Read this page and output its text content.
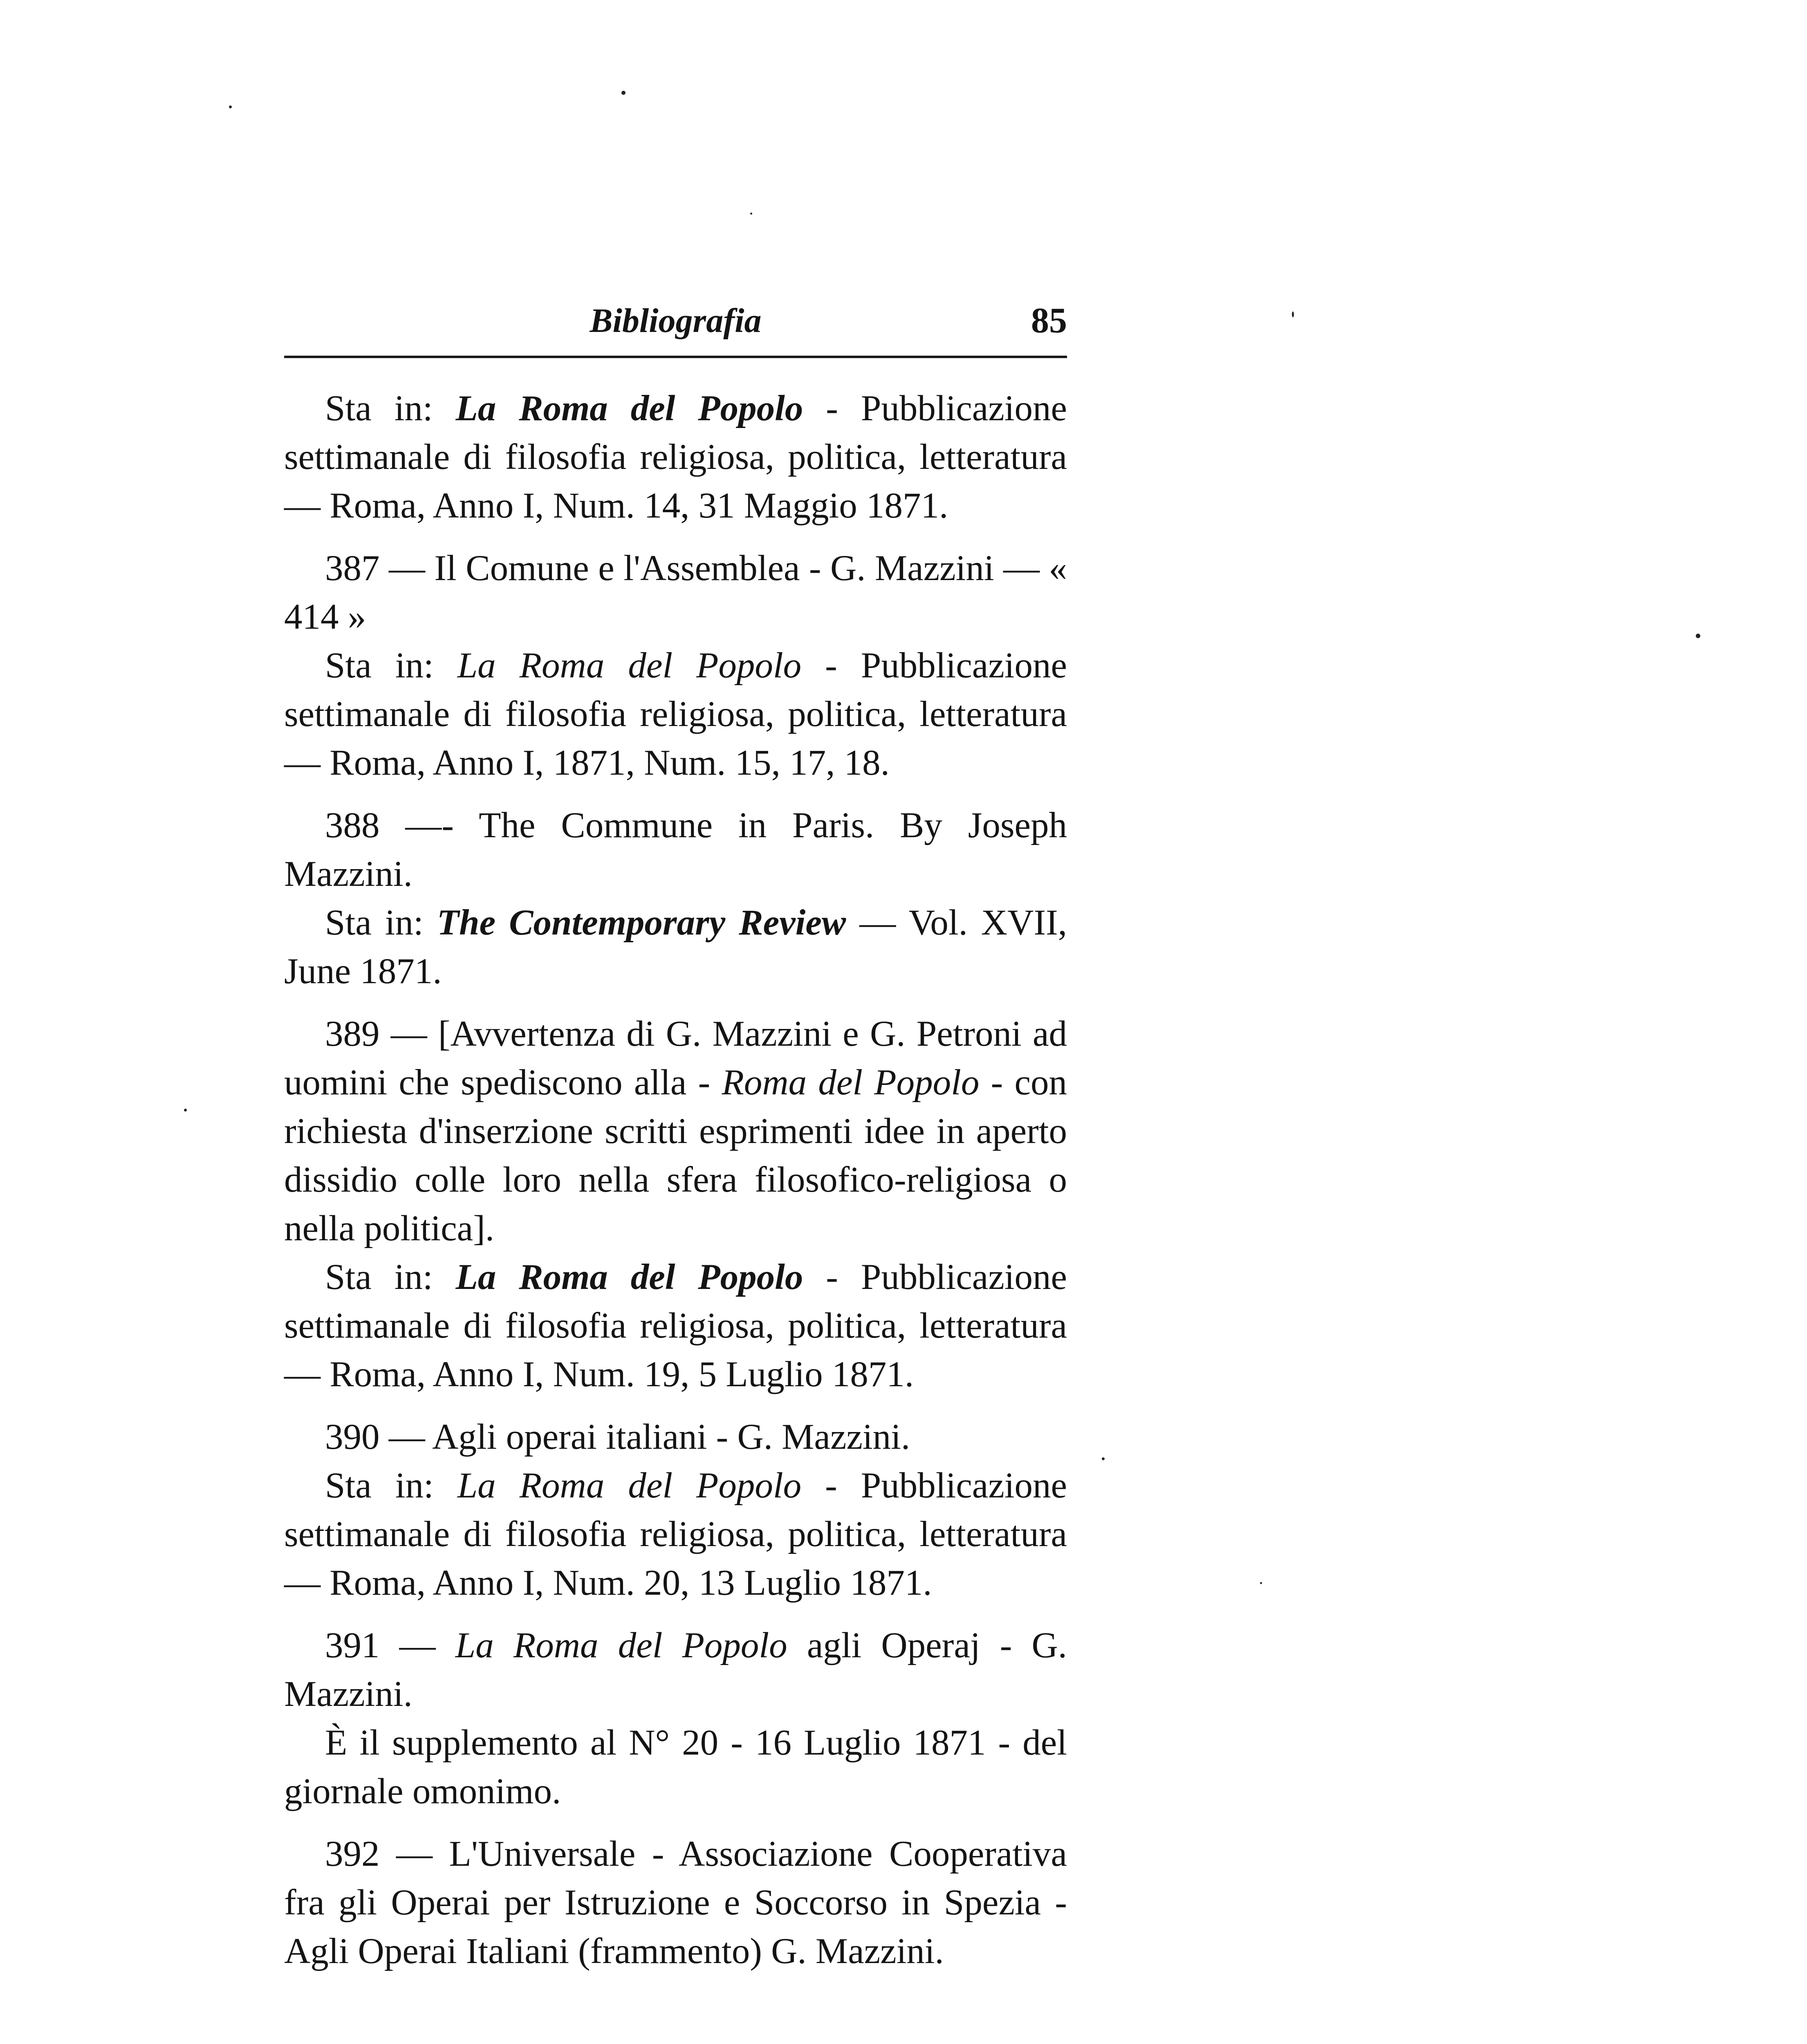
Bibliografia	85

Sta in: La Roma del Popolo - Pubblicazione settimanale di filosofia religiosa, politica, letteratura — Roma, Anno I, Num. 14, 31 Maggio 1871.

387 — Il Comune e l'Assemblea - G. Mazzini — « 414 »

Sta in: La Roma del Popolo - Pubblicazione settimanale di filosofia religiosa, politica, letteratura — Roma, Anno I, 1871, Num. 15, 17, 18.

388 —- The Commune in Paris. By Joseph Mazzini.

Sta in: The Contemporary Review — Vol. XVII, June 1871.

389 — [Avvertenza di G. Mazzini e G. Petroni ad uomini che spediscono alla - Roma del Popolo - con richiesta d'inserzione scritti esprimenti idee in aperto dissidio colle loro nella sfera filosofico-religiosa o nella politica].

Sta in: La Roma del Popolo - Pubblicazione settimanale di filosofia religiosa, politica, letteratura — Roma, Anno I, Num. 19, 5 Luglio 1871.

390 — Agli operai italiani - G. Mazzini.

Sta in: La Roma del Popolo - Pubblicazione settimanale di filosofia religiosa, politica, letteratura — Roma, Anno I, Num. 20, 13 Luglio 1871.

391 — La Roma del Popolo agli Operaj - G. Mazzini.

È il supplemento al N° 20 - 16 Luglio 1871 - del giornale omonimo.

392 — L'Universale - Associazione Cooperativa fra gli Operai per Istruzione e Soccorso in Spezia - Agli Operai Italiani (frammento) G. Mazzini.
